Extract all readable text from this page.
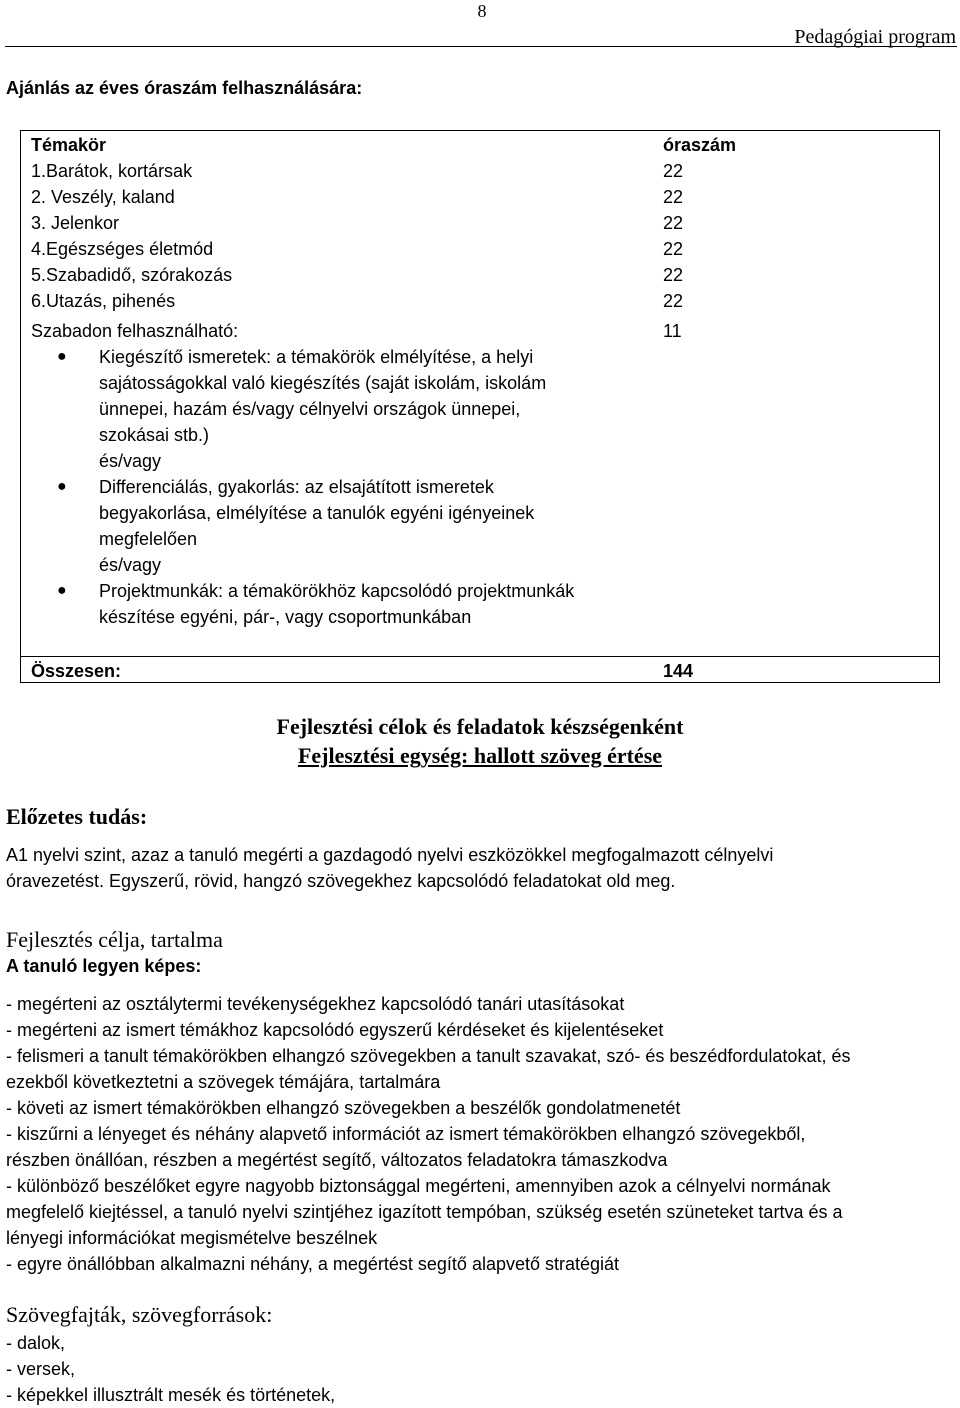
8
Pedagógiai program
Ajánlás az éves óraszám felhasználására:
Témakör	óraszám
1.Barátok, kortársak	22
2. Veszély, kaland	22
3. Jelenkor	22
4.Egészséges életmód	22
5.Szabadidő, szórakozás	22
6.Utazás, pihenés	22
Szabadon felhasználható:	11
● Kiegészítő ismeretek: a témakörök elmélyítése, a helyi
sajátosságokkal való kiegészítés (saját iskolám, iskolám
ünnepei, hazám és/vagy célnyelvi országok ünnepei,
szokásai stb.)
és/vagy
● Differenciálás, gyakorlás: az elsajátított ismeretek
begyakorlása, elmélyítése a tanulók egyéni igényeinek
megfelelően
és/vagy
● Projektmunkák: a témakörökhöz kapcsolódó projektmunkák
készítése egyéni, pár-, vagy csoportmunkában
Összesen:	144
Fejlesztési célok és feladatok készségenként
Fejlesztési egység: hallott szöveg értése
Előzetes tudás:
A1 nyelvi szint, azaz a tanuló megérti a gazdagodó nyelvi eszközökkel megfogalmazott célnyelvi
óravezetést. Egyszerű, rövid, hangzó szövegekhez kapcsolódó feladatokat old meg.
Fejlesztés célja, tartalma
A tanuló legyen képes:
- megérteni az osztálytermi tevékenységekhez kapcsolódó tanári utasításokat
- megérteni az ismert témákhoz kapcsolódó egyszerű kérdéseket és kijelentéseket
- felismeri a tanult témakörökben elhangzó szövegekben a tanult szavakat, szó- és beszédfordulatokat, és
ezekből következtetni a szövegek témájára, tartalmára
- követi az ismert témakörökben elhangzó szövegekben a beszélők gondolatmenetét
- kiszűrni a lényeget és néhány alapvető információt az ismert témakörökben elhangzó szövegekből,
részben önállóan, részben a megértést segítő, változatos feladatokra támaszkodva
- különböző beszélőket egyre nagyobb biztonsággal megérteni, amennyiben azok a célnyelvi normának
megfelelő kiejtéssel, a tanuló nyelvi szintjéhez igazított tempóban, szükség esetén szüneteket tartva és a
lényegi információkat megismételve beszélnek
- egyre önállóbban alkalmazni néhány, a megértést segítő alapvető stratégiát
Szövegfajták, szövegforrások:
- dalok,
- versek,
- képekkel illusztrált mesék és történetek,
